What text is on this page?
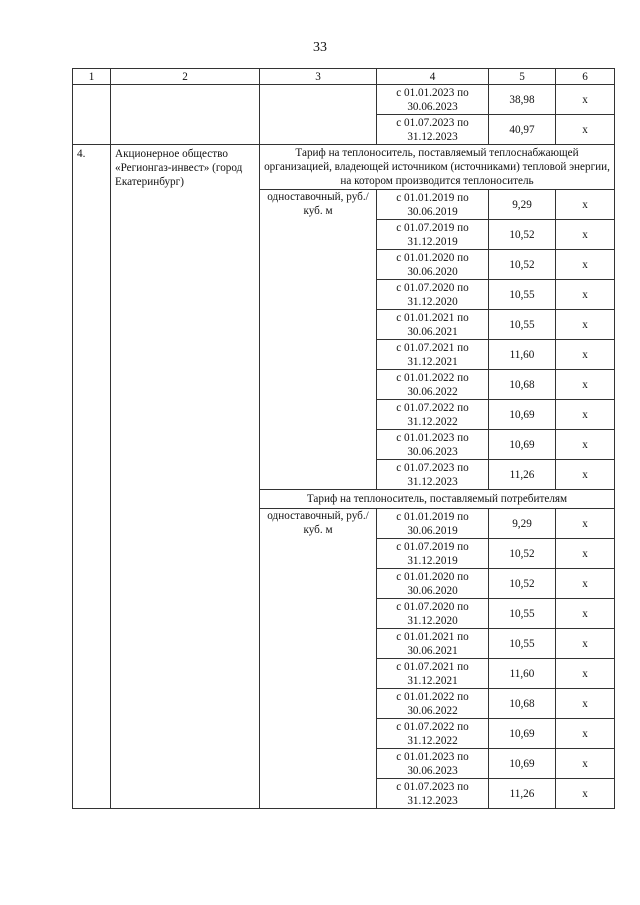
33
1	2	3	4	5	6
			с 01.01.2023 по 30.06.2023	38,98	х
			с 01.07.2023 по 31.12.2023	40,97	х
4.	Акционерное общество «Регионгаз-инвест» (город Екатеринбург)	Тариф на теплоноситель, поставляемый теплоснабжающей организацией, владеющей источником (источниками) тепловой энергии, на котором производится теплоноситель			
		одноставочный, руб./куб. м	с 01.01.2019 по 30.06.2019	9,29	х
			с 01.07.2019 по 31.12.2019	10,52	х
			с 01.01.2020 по 30.06.2020	10,52	х
			с 01.07.2020 по 31.12.2020	10,55	х
			с 01.01.2021 по 30.06.2021	10,55	х
			с 01.07.2021 по 31.12.2021	11,60	х
			с 01.01.2022 по 30.06.2022	10,68	х
			с 01.07.2022 по 31.12.2022	10,69	х
			с 01.01.2023 по 30.06.2023	10,69	х
			с 01.07.2023 по 31.12.2023	11,26	х
		Тариф на теплоноситель, поставляемый потребителям			
		одноставочный, руб./куб. м	с 01.01.2019 по 30.06.2019	9,29	х
			с 01.07.2019 по 31.12.2019	10,52	х
			с 01.01.2020 по 30.06.2020	10,52	х
			с 01.07.2020 по 31.12.2020	10,55	х
			с 01.01.2021 по 30.06.2021	10,55	х
			с 01.07.2021 по 31.12.2021	11,60	х
			с 01.01.2022 по 30.06.2022	10,68	х
			с 01.07.2022 по 31.12.2022	10,69	х
			с 01.01.2023 по 30.06.2023	10,69	х
			с 01.07.2023 по 31.12.2023	11,26	х
